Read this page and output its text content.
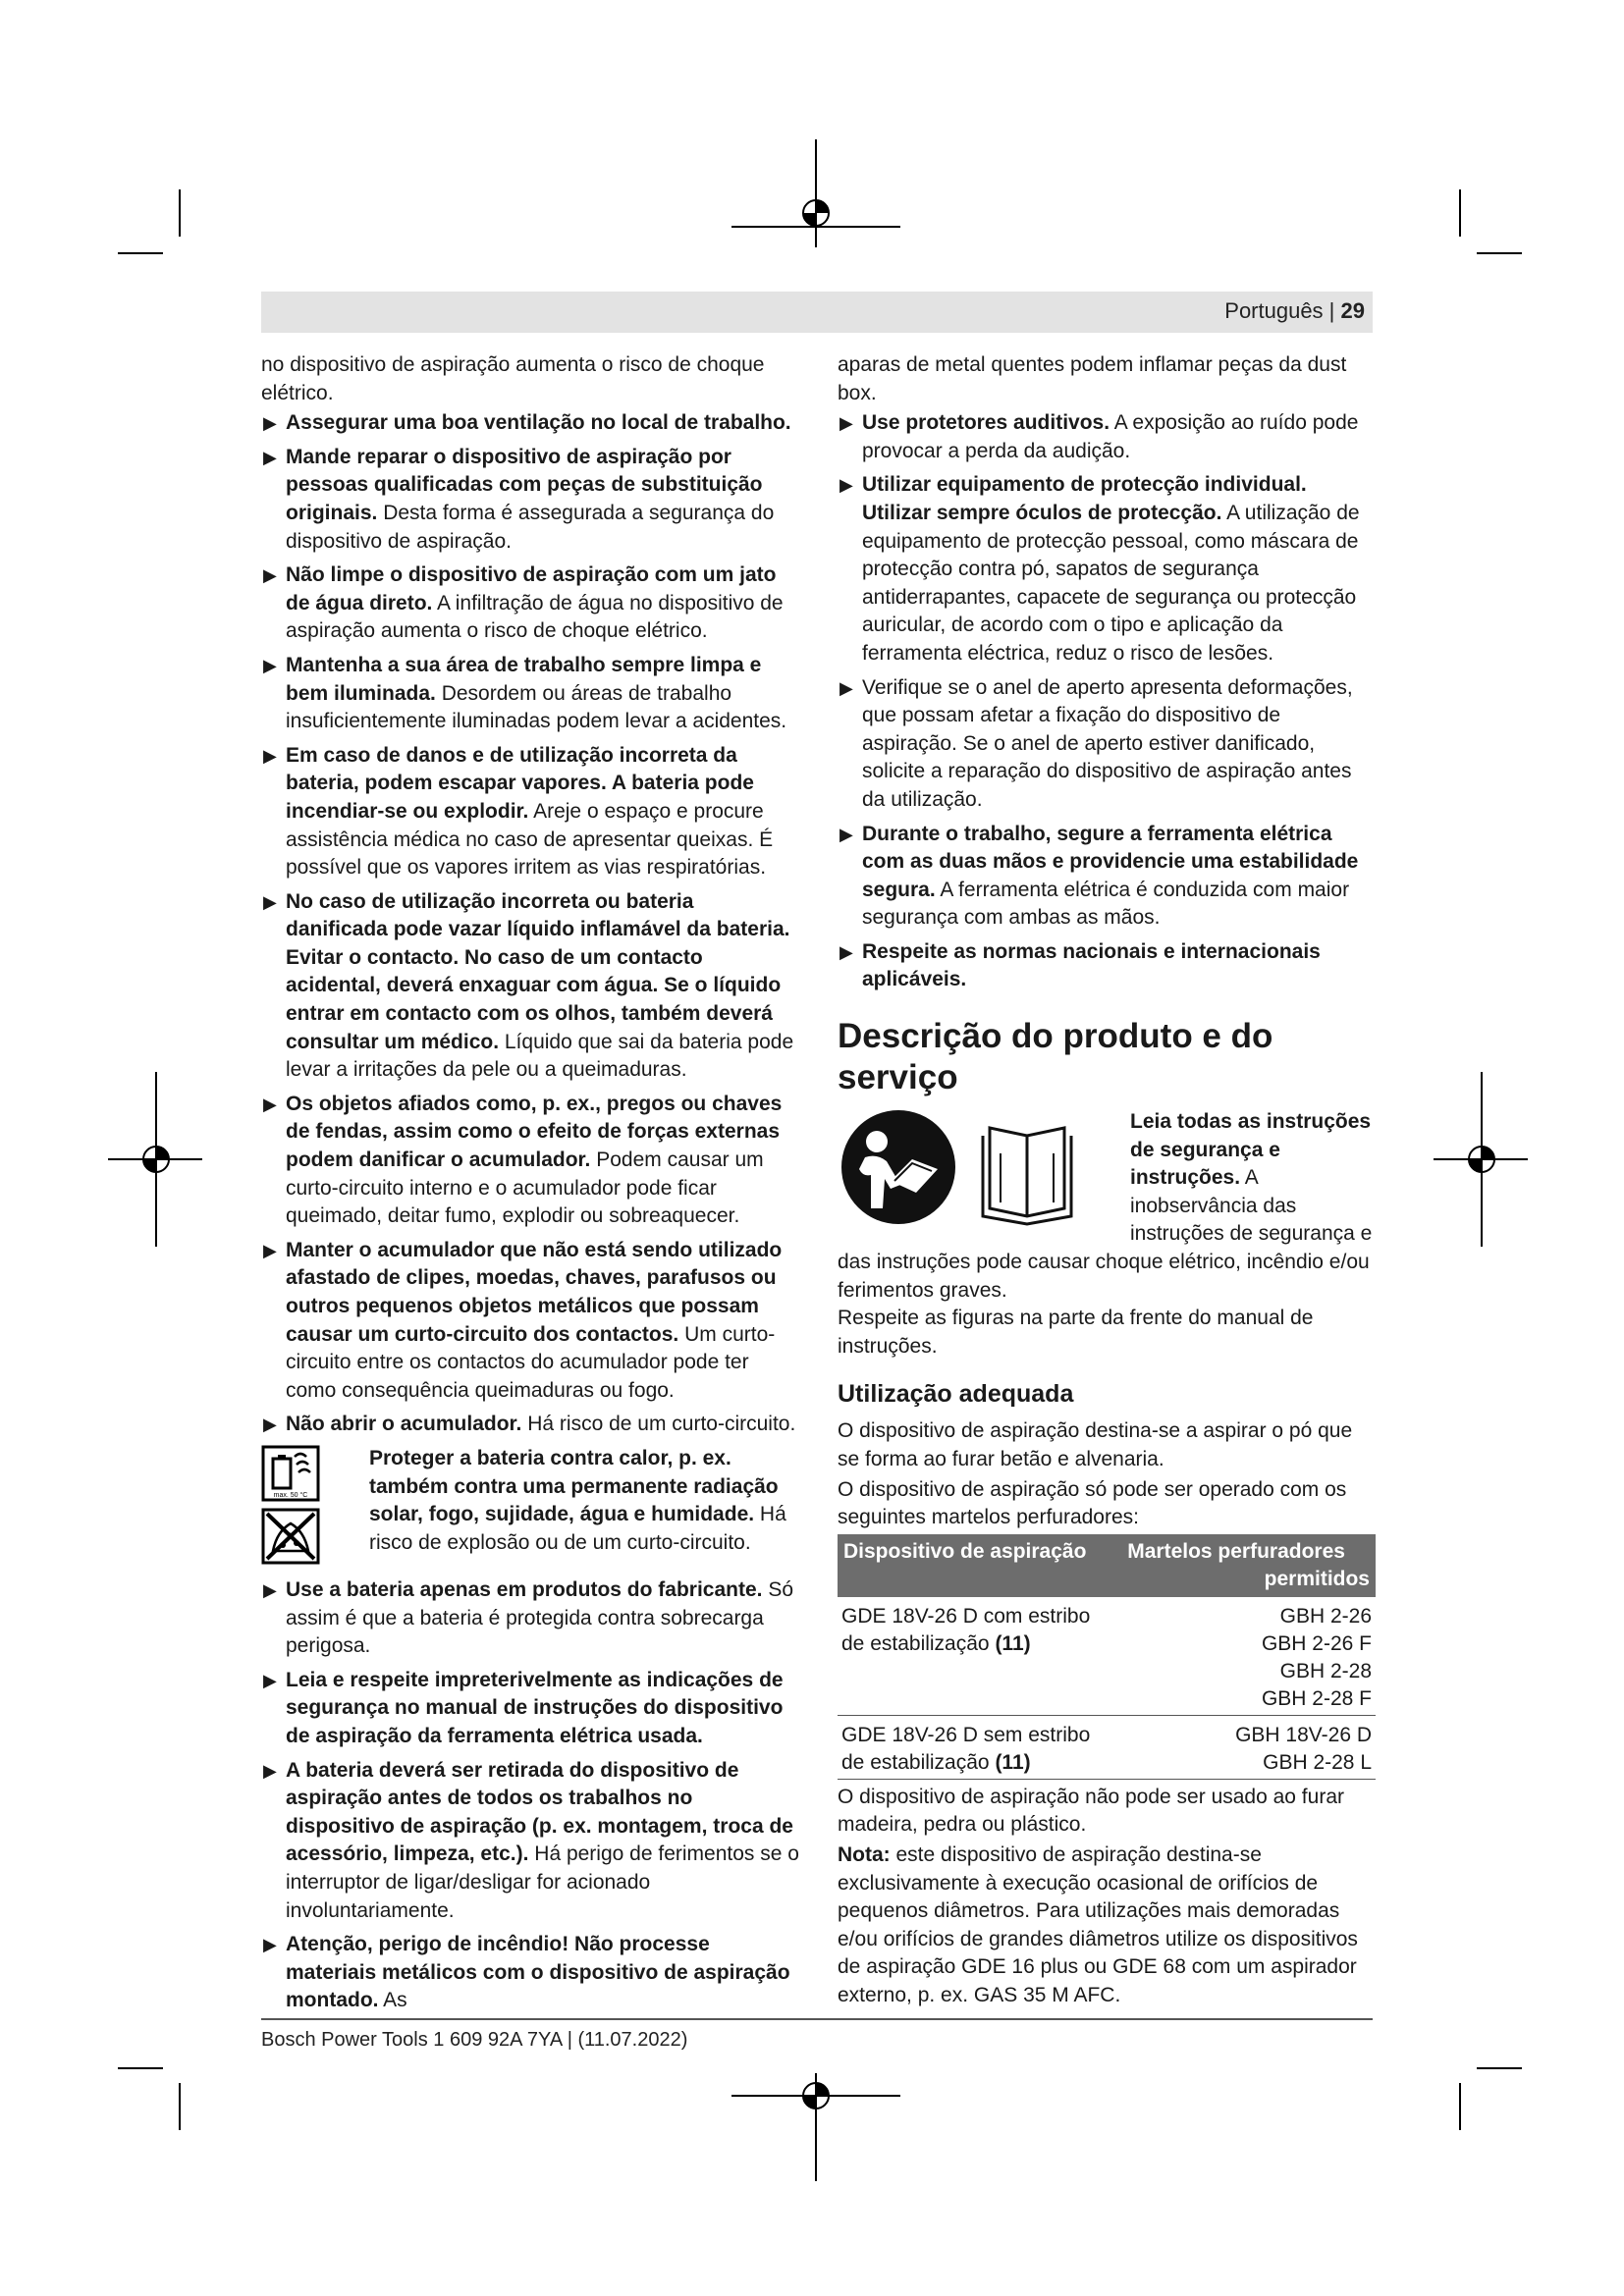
Português | 29

no dispositivo de aspiração aumenta o risco de choque elétrico.

▶ Assegurar uma boa ventilação no local de trabalho.
▶ Mande reparar o dispositivo de aspiração por pessoas qualificadas com peças de substituição originais. Desta forma é assegurada a segurança do dispositivo de aspiração.
▶ Não limpe o dispositivo de aspiração com um jato de água direto. A infiltração de água no dispositivo de aspiração aumenta o risco de choque elétrico.
▶ Mantenha a sua área de trabalho sempre limpa e bem iluminada. Desordem ou áreas de trabalho insuficientemente iluminadas podem levar a acidentes.
▶ Em caso de danos e de utilização incorreta da bateria, podem escapar vapores. A bateria pode incendiar-se ou explodir. Areje o espaço e procure assistência médica no caso de apresentar queixas. É possível que os vapores irritem as vias respiratórias.
▶ No caso de utilização incorreta ou bateria danificada pode vazar líquido inflamável da bateria. Evitar o contacto. No caso de um contacto acidental, deverá enxaguar com água. Se o líquido entrar em contacto com os olhos, também deverá consultar um médico. Líquido que sai da bateria pode levar a irritações da pele ou a queimaduras.
▶ Os objetos afiados como, p. ex., pregos ou chaves de fendas, assim como o efeito de forças externas podem danificar o acumulador. Podem causar um curto-circuito interno e o acumulador pode ficar queimado, deitar fumo, explodir ou sobreaquecer.
▶ Manter o acumulador que não está sendo utilizado afastado de clipes, moedas, chaves, parafusos ou outros pequenos objetos metálicos que possam causar um curto-circuito dos contactos. Um curto-circuito entre os contactos do acumulador pode ter como consequência queimaduras ou fogo.
▶ Não abrir o acumulador. Há risco de um curto-circuito.
max. 50 °C
Proteger a bateria contra calor, p. ex. também contra uma permanente radiação solar, fogo, sujidade, água e humidade. Há risco de explosão ou de um curto-circuito.
▶ Use a bateria apenas em produtos do fabricante. Só assim é que a bateria é protegida contra sobrecarga perigosa.
▶ Leia e respeite impreterivelmente as indicações de segurança no manual de instruções do dispositivo de aspiração da ferramenta elétrica usada.
▶ A bateria deverá ser retirada do dispositivo de aspiração antes de todos os trabalhos no dispositivo de aspiração (p. ex. montagem, troca de acessório, limpeza, etc.). Há perigo de ferimentos se o interruptor de ligar/desligar for acionado involuntariamente.
▶ Atenção, perigo de incêndio! Não processe materiais metálicos com o dispositivo de aspiração montado. As

aparas de metal quentes podem inflamar peças da dust box.

▶ Use protetores auditivos. A exposição ao ruído pode provocar a perda da audição.
▶ Utilizar equipamento de protecção individual. Utilizar sempre óculos de protecção. A utilização de equipamento de protecção pessoal, como máscara de protecção contra pó, sapatos de segurança antiderrapantes, capacete de segurança ou protecção auricular, de acordo com o tipo e aplicação da ferramenta eléctrica, reduz o risco de lesões.
▶ Verifique se o anel de aperto apresenta deformações, que possam afetar a fixação do dispositivo de aspiração. Se o anel de aperto estiver danificado, solicite a reparação do dispositivo de aspiração antes da utilização.
▶ Durante o trabalho, segure a ferramenta elétrica com as duas mãos e providencie uma estabilidade segura. A ferramenta elétrica é conduzida com maior segurança com ambas as mãos.
▶ Respeite as normas nacionais e internacionais aplicáveis.
Descrição do produto e do serviço
Leia todas as instruções de segurança e instruções. A inobservância das instruções de segurança e das instruções pode causar choque elétrico, incêndio e/ou ferimentos graves.

Respeite as figuras na parte da frente do manual de instruções.

Utilização adequada

O dispositivo de aspiração destina-se a aspirar o pó que se forma ao furar betão e alvenaria.

O dispositivo de aspiração só pode ser operado com os seguintes martelos perfuradores:

Dispositivo de aspiração	Martelos perfuradores
permitidos

GDE 18V-26 D com estribo
de estabilização (11)	GBH 2-26
GBH 2-26 F
GBH 2-28
GBH 2-28 F

GDE 18V-26 D sem estribo
de estabilização (11)	GBH 18V-26 D
GBH 2-28 L

O dispositivo de aspiração não pode ser usado ao furar madeira, pedra ou plástico.

Nota: este dispositivo de aspiração destina-se exclusivamente à execução ocasional de orifícios de pequenos diâmetros. Para utilizações mais demoradas e/ou orifícios de grandes diâmetros utilize os dispositivos de aspiração GDE 16 plus ou GDE 68 com um aspirador externo, p. ex. GAS 35 M AFC.

Bosch Power Tools 1 609 92A 7YA | (11.07.2022)
